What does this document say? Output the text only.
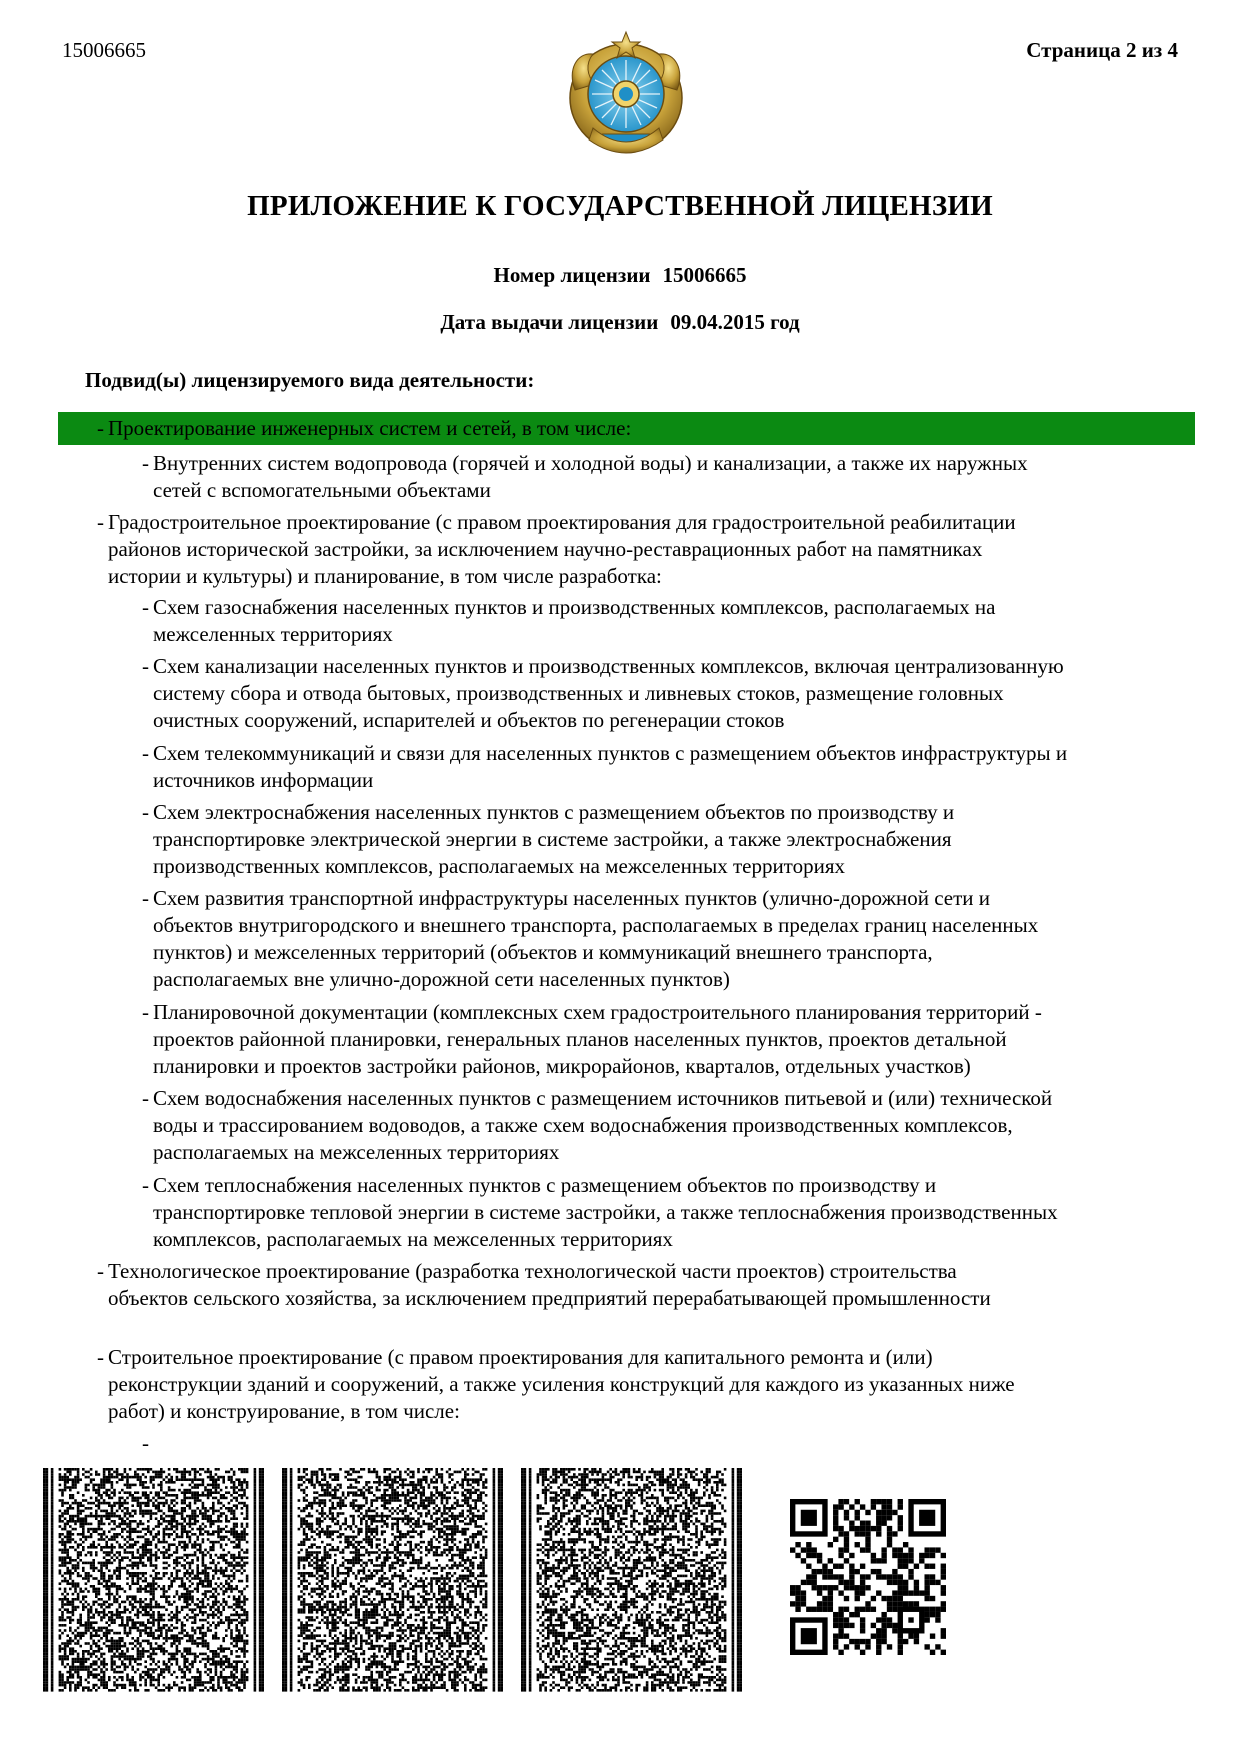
15006665	Страница 2 из 4
ПРИЛОЖЕНИЕ К ГОСУДАРСТВЕННОЙ ЛИЦЕНЗИИ
Номер лицензии 15006665
Дата выдачи лицензии 09.04.2015 год
Подвид(ы) лицензируемого вида деятельности:
- Проектирование инженерных систем и сетей, в том числе:
- Внутренних систем водопровода (горячей и холодной воды) и канализации, а также их наружных
сетей с вспомогательными объектами
- Градостроительное проектирование (с правом проектирования для градостроительной реабилитации
районов исторической застройки, за исключением научно-реставрационных работ на памятниках
истории и культуры) и планирование, в том числе разработка:
- Схем газоснабжения населенных пунктов и производственных комплексов, располагаемых на
межселенных территориях
- Схем канализации населенных пунктов и производственных комплексов, включая централизованную
систему сбора и отвода бытовых, производственных и ливневых стоков, размещение головных
очистных сооружений, испарителей и объектов по регенерации стоков
- Схем телекоммуникаций и связи для населенных пунктов с размещением объектов инфраструктуры и
источников информации
- Схем электроснабжения населенных пунктов с размещением объектов по производству и
транспортировке электрической энергии в системе застройки, а также электроснабжения
производственных комплексов, располагаемых на межселенных территориях
- Схем развития транспортной инфраструктуры населенных пунктов (улично-дорожной сети и
объектов внутригородского и внешнего транспорта, располагаемых в пределах границ населенных
пунктов) и межселенных территорий (объектов и коммуникаций внешнего транспорта,
располагаемых вне улично-дорожной сети населенных пунктов)
- Планировочной документации (комплексных схем градостроительного планирования территорий -
проектов районной планировки, генеральных планов населенных пунктов, проектов детальной
планировки и проектов застройки районов, микрорайонов, кварталов, отдельных участков)
- Схем водоснабжения населенных пунктов с размещением источников питьевой и (или) технической
воды и трассированием водоводов, а также схем водоснабжения производственных комплексов,
располагаемых на межселенных территориях
- Схем теплоснабжения населенных пунктов с размещением объектов по производству и
транспортировке тепловой энергии в системе застройки, а также теплоснабжения производственных
комплексов, располагаемых на межселенных территориях
- Технологическое проектирование (разработка технологической части проектов) строительства
объектов сельского хозяйства, за исключением предприятий перерабатывающей промышленности
- Строительное проектирование (с правом проектирования для капитального ремонта и (или)
реконструкции зданий и сооружений, а также усиления конструкций для каждого из указанных ниже
работ) и конструирование, в том числе:
-
